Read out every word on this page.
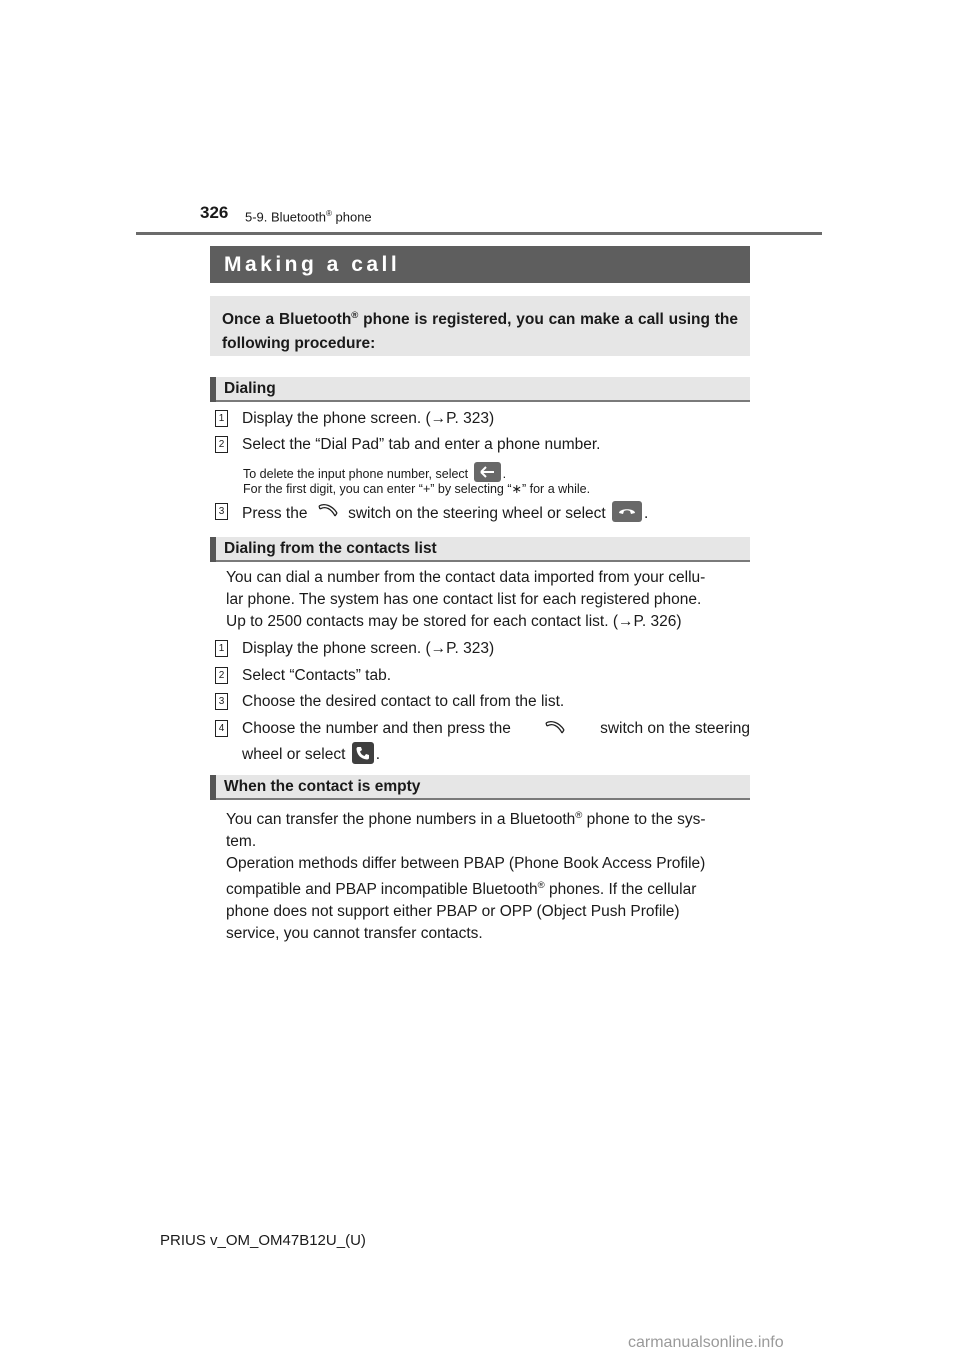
326 5-9. Bluetooth® phone
Making a call
Once a Bluetooth® phone is registered, you can make a call using the following procedure:
Dialing
1 Display the phone screen. (→P. 323)
2 Select the “Dial Pad” tab and enter a phone number.
To delete the input phone number, select	.
For the first digit, you can enter “+” by selecting “∗” for a while.
3 Press the	switch on the steering wheel or select .
Dialing from the contacts list
You can dial a number from the contact data imported from your cellu-
lar phone. The system has one contact list for each registered phone.
Up to 2500 contacts may be stored for each contact list. (→P. 326)
1 Display the phone screen. (→P. 323)
2 Select “Contacts” tab.
3 Choose the desired contact to call from the list.
4 Choose the number and then press the	switch on the steering
wheel or select .
When the contact is empty
You can transfer the phone numbers in a Bluetooth® phone to the sys-
tem.
Operation methods differ between PBAP (Phone Book Access Profile)
compatible and PBAP incompatible Bluetooth® phones. If the cellular
phone does not support either PBAP or OPP (Object Push Profile)
service, you cannot transfer contacts.
PRIUS v_OM_OM47B12U_(U)
carmanualsonline.info
